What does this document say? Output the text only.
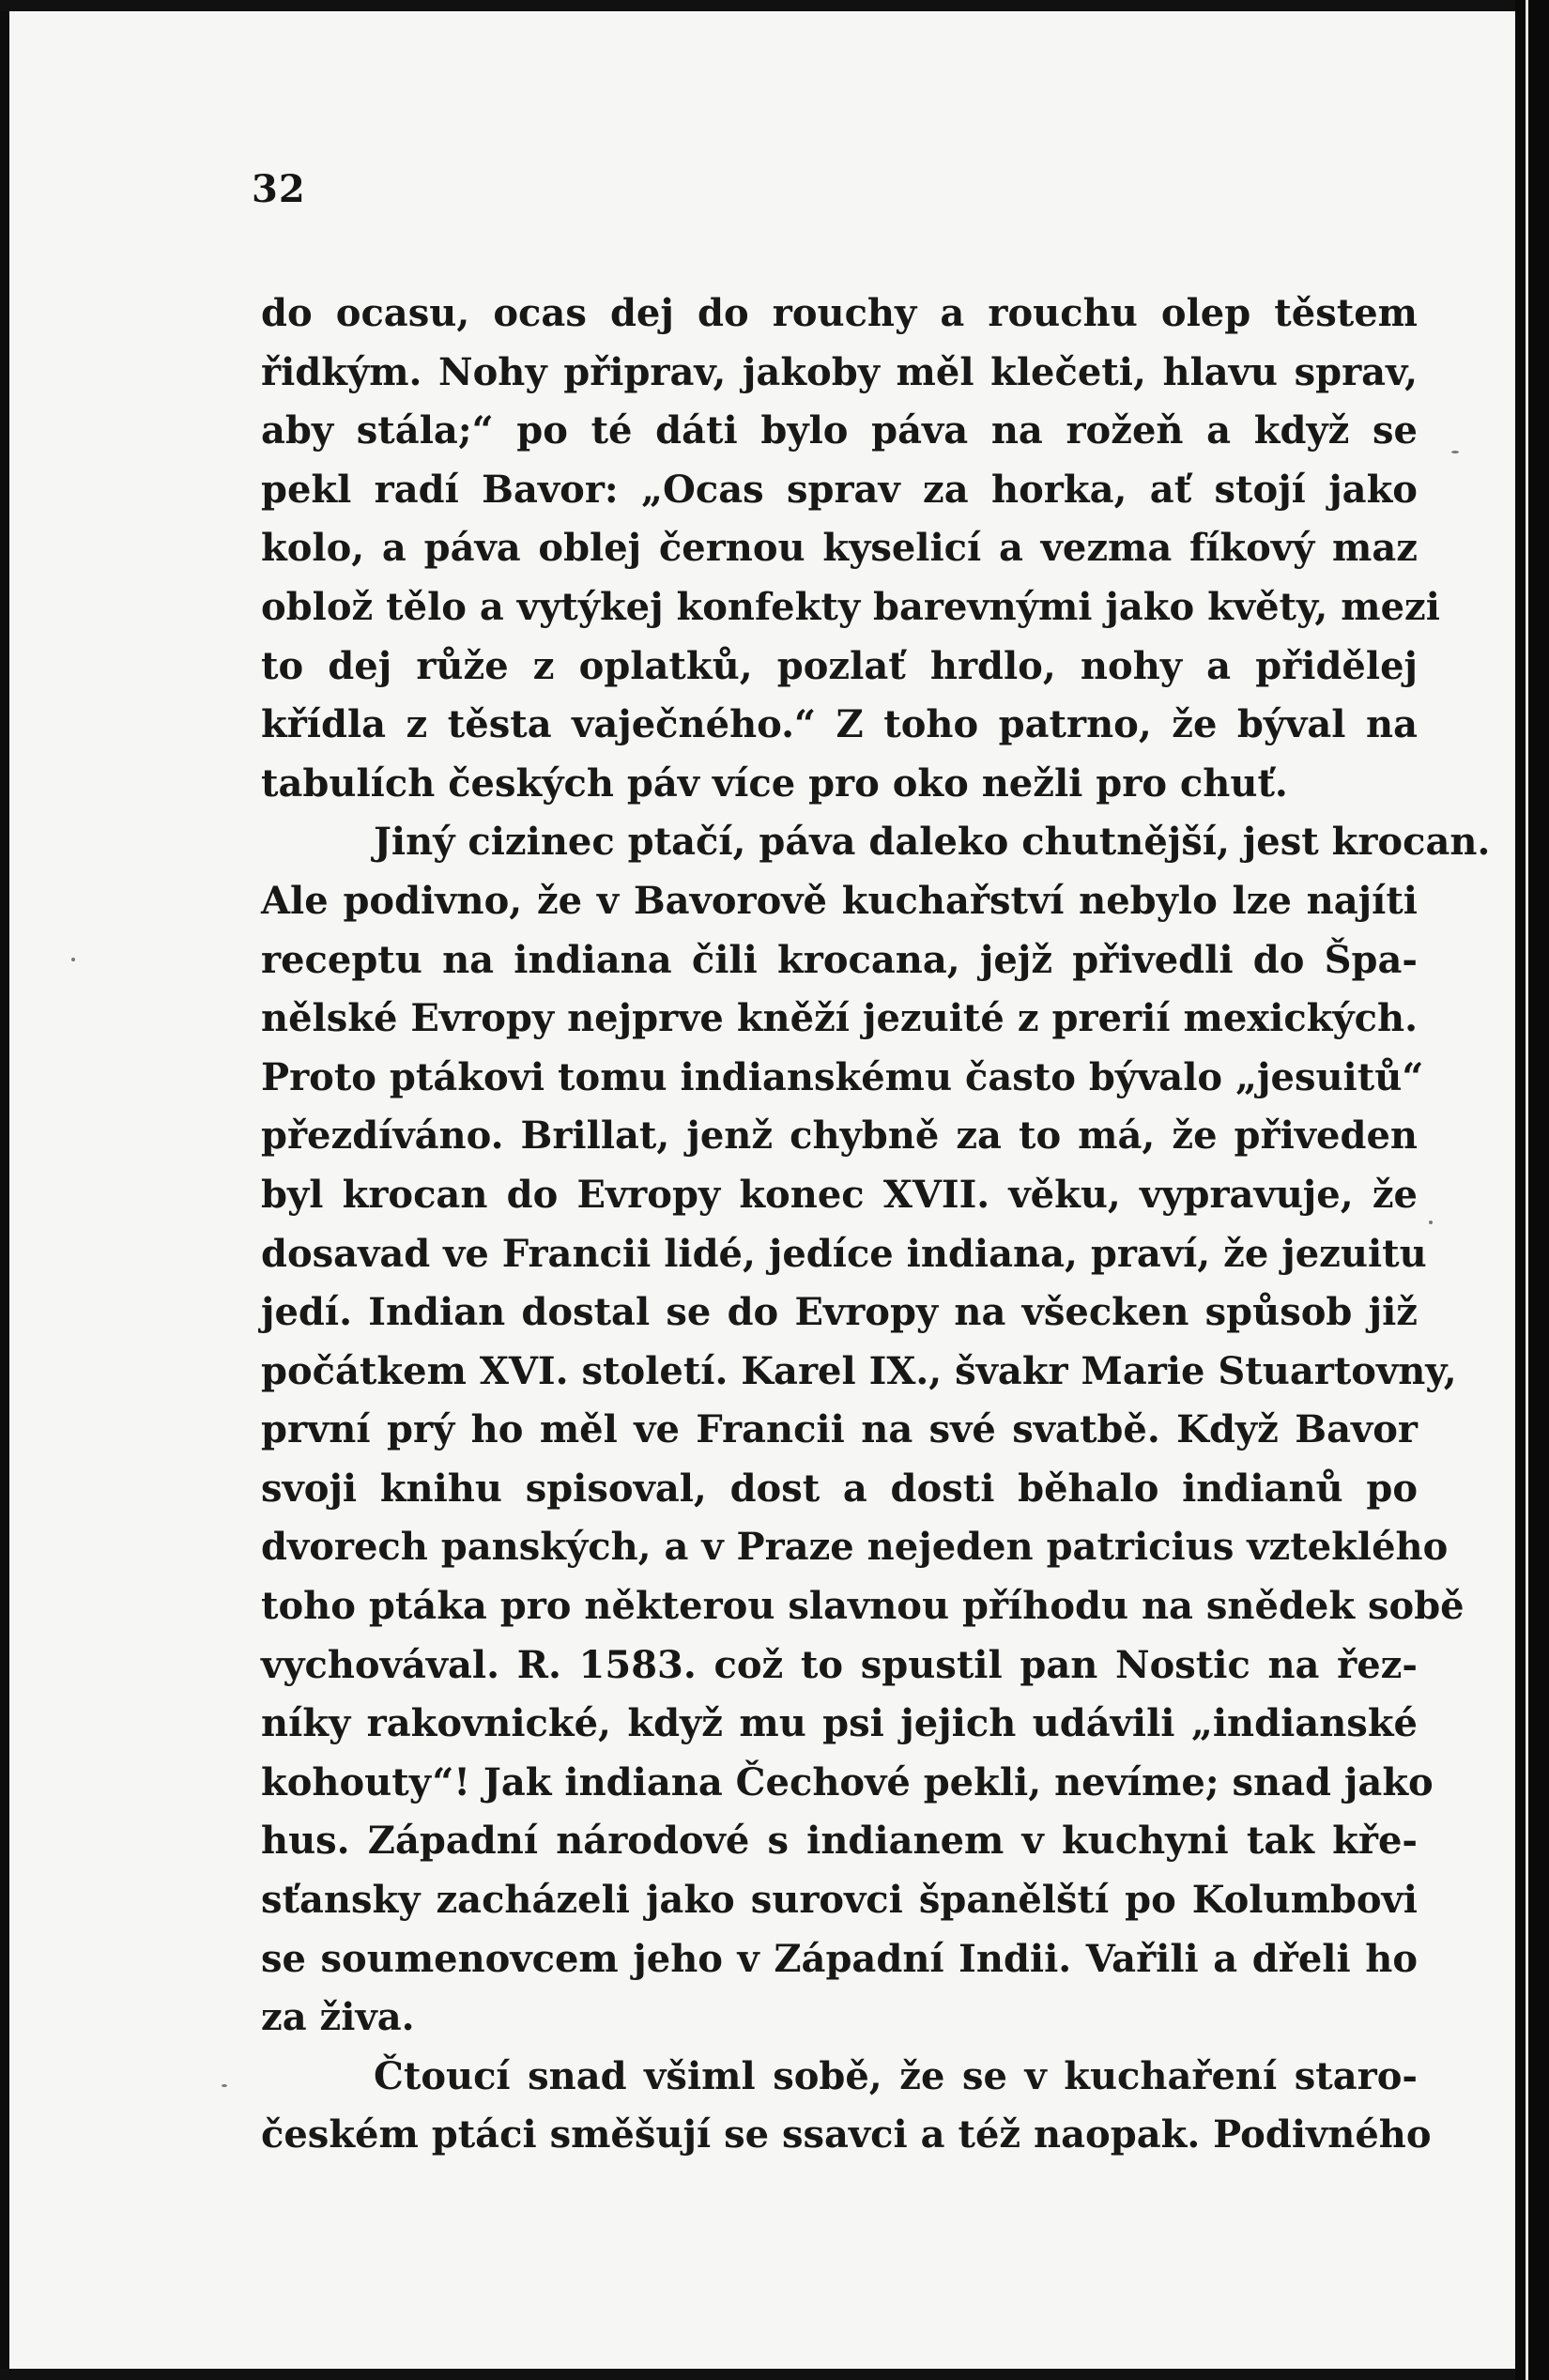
32
do ocasu, ocas dej do rouchy a rouchu olep těstem
řidkým. Nohy připrav, jakoby měl klečeti, hlavu sprav,
aby stála;“ po té dáti bylo páva na rožeň a když se
pekl radí Bavor: „Ocas sprav za horka, ať stojí jako
kolo, a páva oblej černou kyselicí a vezma fíkový maz
oblož tělo a vytýkej konfekty barevnými jako květy, mezi
to dej růže z oplatků, pozlať hrdlo, nohy a přidělej
křídla z těsta vaječného.“ Z toho patrno, že býval na
tabulích českých páv více pro oko nežli pro chuť.
Jiný cizinec ptačí, páva daleko chutnější, jest krocan.
Ale podivno, že v Bavorově kuchařství nebylo lze najíti
receptu na indiana čili krocana, jejž přivedli do Špa-
nělské Evropy nejprve kněží jezuité z prerií mexických.
Proto ptákovi tomu indianskému často bývalo „jesuitů“
přezdíváno. Brillat, jenž chybně za to má, že přiveden
byl krocan do Evropy konec XVII. věku, vypravuje, že
dosavad ve Francii lidé, jedíce indiana, praví, že jezuitu
jedí. Indian dostal se do Evropy na všecken spůsob již
počátkem XVI. století. Karel IX., švakr Marie Stuartovny,
první prý ho měl ve Francii na své svatbě. Když Bavor
svoji knihu spisoval, dost a dosti běhalo indianů po
dvorech panských, a v Praze nejeden patricius vzteklého
toho ptáka pro některou slavnou příhodu na snědek sobě
vychovával. R. 1583. což to spustil pan Nostic na řez-
níky rakovnické, když mu psi jejich udávili „indianské
kohouty“! Jak indiana Čechové pekli, nevíme; snad jako
hus. Západní národové s indianem v kuchyni tak kře-
sťansky zacházeli jako surovci španělští po Kolumbovi
se soumenovcem jeho v Západní Indii. Vařili a dřeli ho
za živa.
Čtoucí snad všiml sobě, že se v kuchaření staro-
českém ptáci směšují se ssavci a též naopak. Podivného
